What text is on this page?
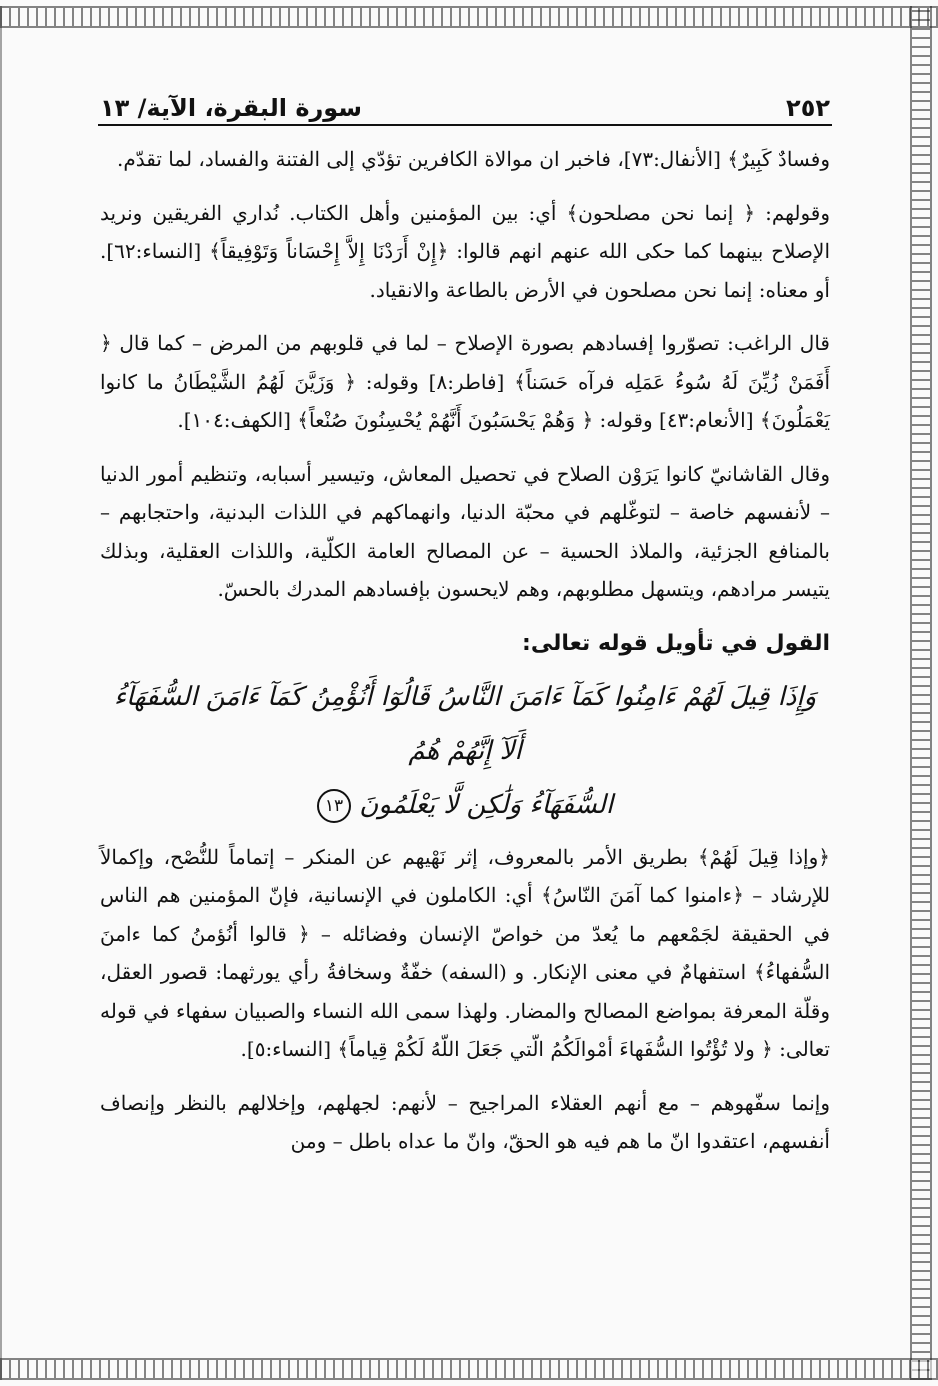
٢٥٢
سورة البقرة، الآية/ ١٣

وفسادٌ كَبِيرٌ﴾ [الأنفال:٧٣]، فاخبر ان موالاة الكافرين تؤدّي إلى الفتنة والفساد، لما تقدّم.

وقولهم: ﴿ إنما نحن مصلحون﴾ أي: بين المؤمنين وأهل الكتاب. نُداري الفريقين ونريد الإصلاح بينهما كما حكى الله عنهم انهم قالوا: ﴿إِنْ أَرَدْنَا إِلاَّ إِحْسَاناً وَتَوْفِيقاً﴾ [النساء:٦٢]. أو معناه: إنما نحن مصلحون في الأرض بالطاعة والانقياد.

قال الراغب: تصوّروا إفسادهم بصورة الإصلاح – لما في قلوبهم من المرض – كما قال ﴿ أَفَمَنْ زُيِّنَ لَهُ سُوءُ عَمَلِه فرآه حَسَناً﴾ [فاطر:٨] وقوله: ﴿ وَزَيَّنَ لَهُمُ الشَّيْطَانُ ما كانوا يَعْمَلُونَ﴾ [الأنعام:٤٣] وقوله: ﴿ وَهُمْ يَحْسَبُونَ أَنَّهُمْ يُحْسِنُونَ صُنْعاً﴾ [الكهف:١٠٤].

وقال القاشانيّ كانوا يَرَوْن الصلاح في تحصيل المعاش، وتيسير أسبابه، وتنظيم أمور الدنيا – لأنفسهم خاصة – لتوغّلهم في محبّة الدنيا، وانهماكهم في اللذات البدنية، واحتجابهم – بالمنافع الجزئية، والملاذ الحسية – عن المصالح العامة الكلّية، واللذات العقلية، وبذلك يتيسر مرادهم، ويتسهل مطلوبهم، وهم لايحسون بإفسادهم المدرك بالحسّ.

القول في تأويل قوله تعالى:
وَإِذَا قِيلَ لَهُمْ ءَامِنُوا كَمَآ ءَامَنَ النَّاسُ قَالُوٓا أَنُؤْمِنُ كَمَآ ءَامَنَ السُّفَهَآءُ أَلَآ إِنَّهُمْ هُمُ
السُّفَهَآءُ وَلَٰكِن لَّا يَعْلَمُونَ ١٣

﴿وإذا قِيلَ لَهُمْ﴾ بطريق الأمر بالمعروف، إثر نَهْيهم عن المنكر – إتماماً للنُّصْح، وإكمالاً للإرشاد – ﴿ءامنوا كما آمَنَ النّاسُ﴾ أي: الكاملون في الإنسانية، فإنّ المؤمنين هم الناس في الحقيقة لجَمْعهم ما يُعدّ من خواصّ الإنسان وفضائله – ﴿ قالوا أنُؤمنُ كما ءامنَ السُّفهاءُ﴾ استفهامٌ في معنى الإنكار. و (السفه) خفّةٌ وسخافةُ رأي يورثهما: قصور العقل، وقلّة المعرفة بمواضع المصالح والمضار. ولهذا سمى الله النساء والصبيان سفهاء في قوله تعالى: ﴿ ولا تُؤْتُوا السُّفَهاءَ أمْوالَكُمُ الّتي جَعَلَ اللّهُ لَكُمْ قِياماً﴾ [النساء:٥].

وإنما سفّهوهم – مع أنهم العقلاء المراجيح – لأنهم: لجهلهم، وإخلالهم بالنظر وإنصاف أنفسهم، اعتقدوا انّ ما هم فيه هو الحقّ، وانّ ما عداه باطل – ومن
